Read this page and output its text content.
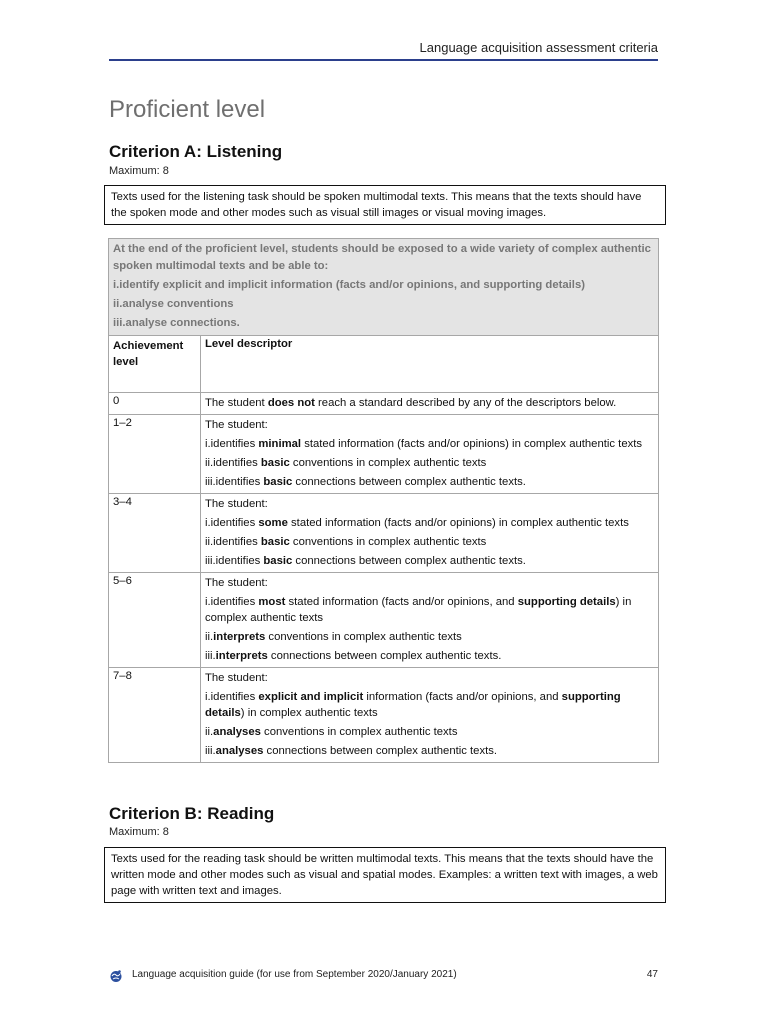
Language acquisition assessment criteria
Proficient level
Criterion A: Listening
Maximum: 8
Texts used for the listening task should be spoken multimodal texts. This means that the texts should have the spoken mode and other modes such as visual still images or visual moving images.

At the end of the proficient level, students should be exposed to a wide variety of complex authentic spoken multimodal texts and be able to:

i.identify explicit and implicit information (facts and/or opinions, and supporting details)

ii.analyse conventions

iii.analyse connections.	

Achievement level	Level descriptor
0	The student does not reach a standard described by any of the descriptors below.

1–2	The student:

i.identifies minimal stated information (facts and/or opinions) in complex authentic texts

ii.identifies basic conventions in complex authentic texts

iii.identifies basic connections between complex authentic texts.

3–4	The student:

i.identifies some stated information (facts and/or opinions) in complex authentic texts

ii.identifies basic conventions in complex authentic texts

iii.identifies basic connections between complex authentic texts.

5–6	The student:

i.identifies most stated information (facts and/or opinions, and supporting details) in complex authentic texts

ii.interprets conventions in complex authentic texts

iii.interprets connections between complex authentic texts.

7–8	The student:

i.identifies explicit and implicit information (facts and/or opinions, and supporting details) in complex authentic texts

ii.analyses conventions in complex authentic texts

iii.analyses connections between complex authentic texts.

Criterion B: Reading
Maximum: 8
Texts used for the reading task should be written multimodal texts. This means that the texts should have the written mode and other modes such as visual and spatial modes. Examples: a written text with images, a web page with written text and images.
Language acquisition guide (for use from September 2020/January 2021)	47
